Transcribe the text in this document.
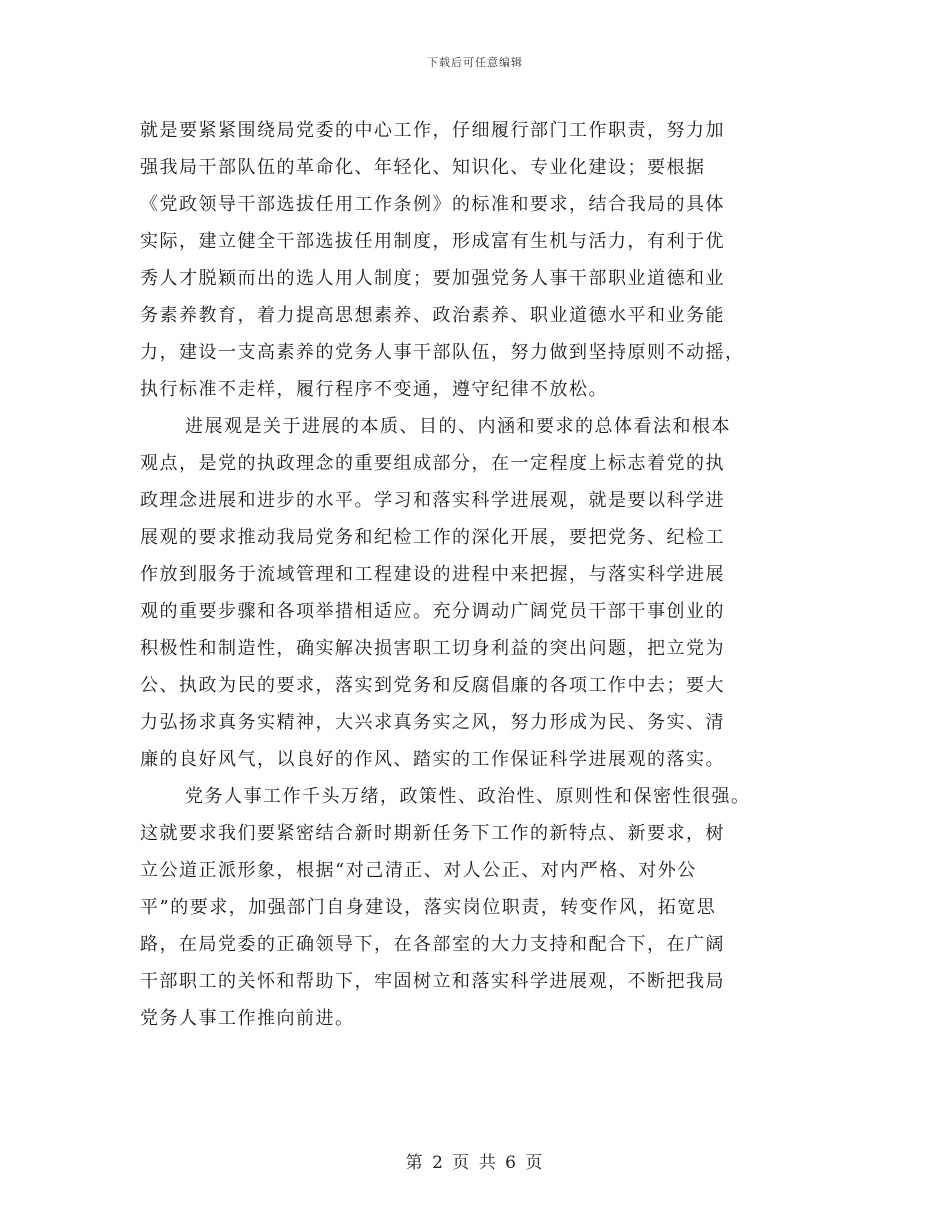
下载后可任意编辑
就是要紧紧围绕局党委的中心工作，仔细履行部门工作职责，努力加
强我局干部队伍的革命化、年轻化、知识化、专业化建设；要根据
《党政领导干部选拔任用工作条例》的标准和要求，结合我局的具体
实际，建立健全干部选拔任用制度，形成富有生机与活力，有利于优
秀人才脱颖而出的选人用人制度；要加强党务人事干部职业道德和业
务素养教育，着力提高思想素养、政治素养、职业道德水平和业务能
力，建设一支高素养的党务人事干部队伍，努力做到坚持原则不动摇，
执行标准不走样，履行程序不变通，遵守纪律不放松。
进展观是关于进展的本质、目的、内涵和要求的总体看法和根本
观点，是党的执政理念的重要组成部分，在一定程度上标志着党的执
政理念进展和进步的水平。学习和落实科学进展观，就是要以科学进
展观的要求推动我局党务和纪检工作的深化开展，要把党务、纪检工
作放到服务于流域管理和工程建设的进程中来把握，与落实科学进展
观的重要步骤和各项举措相适应。充分调动广阔党员干部干事创业的
积极性和制造性，确实解决损害职工切身利益的突出问题，把立党为
公、执政为民的要求，落实到党务和反腐倡廉的各项工作中去；要大
力弘扬求真务实精神，大兴求真务实之风，努力形成为民、务实、清
廉的良好风气，以良好的作风、踏实的工作保证科学进展观的落实。
党务人事工作千头万绪，政策性、政治性、原则性和保密性很强。
这就要求我们要紧密结合新时期新任务下工作的新特点、新要求，树
立公道正派形象，根据“对己清正、对人公正、对内严格、对外公
平”的要求，加强部门自身建设，落实岗位职责，转变作风，拓宽思
路，在局党委的正确领导下，在各部室的大力支持和配合下，在广阔
干部职工的关怀和帮助下，牢固树立和落实科学进展观，不断把我局
党务人事工作推向前进。
第 2 页 共 6 页
